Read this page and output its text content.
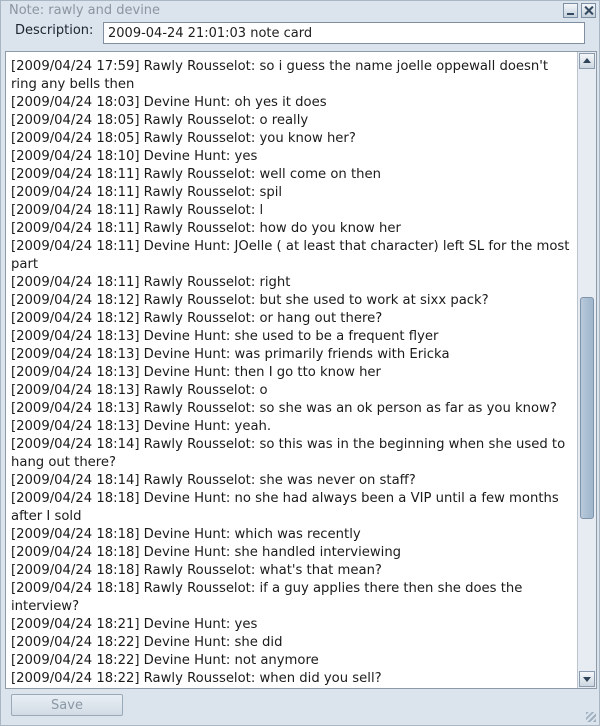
Note: rawly and devine
Description:
2009-04-24 21:01:03 note card
[2009/04/24 17:59] Rawly Rousselot: so i guess the name joelle oppewall doesn't ring any bells then
[2009/04/24 18:03] Devine Hunt: oh yes it does
[2009/04/24 18:05] Rawly Rousselot: o really
[2009/04/24 18:05] Rawly Rousselot: you know her?
[2009/04/24 18:10] Devine Hunt: yes
[2009/04/24 18:11] Rawly Rousselot: well come on then
[2009/04/24 18:11] Rawly Rousselot: spil
[2009/04/24 18:11] Rawly Rousselot: l
[2009/04/24 18:11] Rawly Rousselot: how do you know her
[2009/04/24 18:11] Devine Hunt: JOelle ( at least that character) left SL for the most part
[2009/04/24 18:11] Rawly Rousselot: right
[2009/04/24 18:12] Rawly Rousselot: but she used to work at sixx pack?
[2009/04/24 18:12] Rawly Rousselot: or hang out there?
[2009/04/24 18:13] Devine Hunt: she used to be a frequent flyer
[2009/04/24 18:13] Devine Hunt: was primarily friends with Ericka
[2009/04/24 18:13] Devine Hunt: then I go tto know her
[2009/04/24 18:13] Rawly Rousselot: o
[2009/04/24 18:13] Rawly Rousselot: so she was an ok person as far as you know?
[2009/04/24 18:13] Devine Hunt: yeah.
[2009/04/24 18:14] Rawly Rousselot: so this was in the beginning when she used to hang out there?
[2009/04/24 18:14] Rawly Rousselot: she was never on staff?
[2009/04/24 18:18] Devine Hunt: no she had always been a VIP until a few months after I sold
[2009/04/24 18:18] Devine Hunt: which was recently
[2009/04/24 18:18] Devine Hunt: she handled interviewing
[2009/04/24 18:18] Rawly Rousselot: what's that mean?
[2009/04/24 18:18] Rawly Rousselot: if a guy applies there then she does the interview?
[2009/04/24 18:21] Devine Hunt: yes
[2009/04/24 18:22] Devine Hunt: she did
[2009/04/24 18:22] Devine Hunt: not anymore
[2009/04/24 18:22] Rawly Rousselot: when did you sell?
Save
